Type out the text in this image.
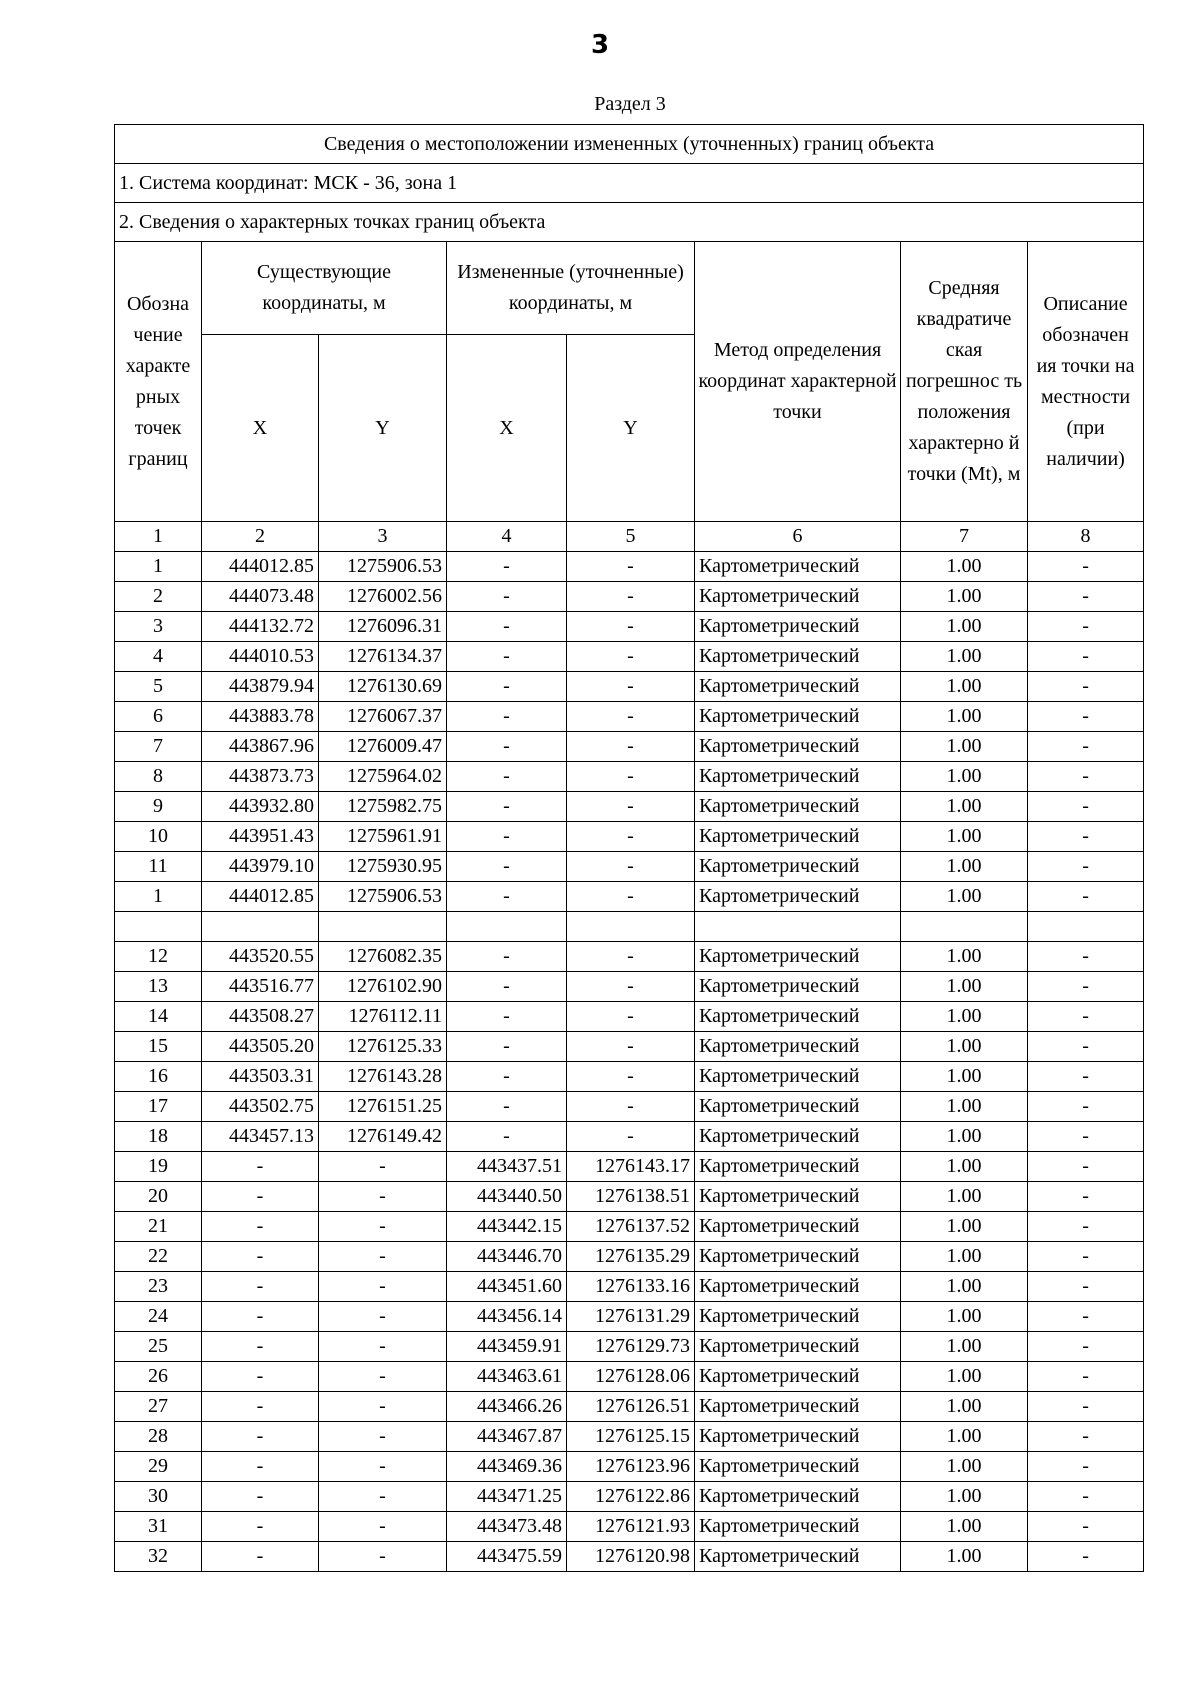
3
Раздел 3
Сведения о местоположении измененных (уточненных) границ объекта							
1. Система координат: МСК - 36, зона 1							
2. Сведения о характерных точках границ объекта							
Обозна чение характе рных точек границ	Существующие координаты, м		Измененные (уточненные) координаты, м		Метод определения координат характерной точки	Средняя квадратиче ская погрешнос ть положения характерно й точки (Mt), м	Описание обозначен ия точки на местности (при наличии)
	X	Y	X	Y			
1	2	3	4	5	6	7	8
1	444012.85	1275906.53	-	-	Картометрический	1.00	-
2	444073.48	1276002.56	-	-	Картометрический	1.00	-
3	444132.72	1276096.31	-	-	Картометрический	1.00	-
4	444010.53	1276134.37	-	-	Картометрический	1.00	-
5	443879.94	1276130.69	-	-	Картометрический	1.00	-
6	443883.78	1276067.37	-	-	Картометрический	1.00	-
7	443867.96	1276009.47	-	-	Картометрический	1.00	-
8	443873.73	1275964.02	-	-	Картометрический	1.00	-
9	443932.80	1275982.75	-	-	Картометрический	1.00	-
10	443951.43	1275961.91	-	-	Картометрический	1.00	-
11	443979.10	1275930.95	-	-	Картометрический	1.00	-
1	444012.85	1275906.53	-	-	Картометрический	1.00	-

12	443520.55	1276082.35	-	-	Картометрический	1.00	-
13	443516.77	1276102.90	-	-	Картометрический	1.00	-
14	443508.27	1276112.11	-	-	Картометрический	1.00	-
15	443505.20	1276125.33	-	-	Картометрический	1.00	-
16	443503.31	1276143.28	-	-	Картометрический	1.00	-
17	443502.75	1276151.25	-	-	Картометрический	1.00	-
18	443457.13	1276149.42	-	-	Картометрический	1.00	-
19	-	-	443437.51	1276143.17	Картометрический	1.00	-
20	-	-	443440.50	1276138.51	Картометрический	1.00	-
21	-	-	443442.15	1276137.52	Картометрический	1.00	-
22	-	-	443446.70	1276135.29	Картометрический	1.00	-
23	-	-	443451.60	1276133.16	Картометрический	1.00	-
24	-	-	443456.14	1276131.29	Картометрический	1.00	-
25	-	-	443459.91	1276129.73	Картометрический	1.00	-
26	-	-	443463.61	1276128.06	Картометрический	1.00	-
27	-	-	443466.26	1276126.51	Картометрический	1.00	-
28	-	-	443467.87	1276125.15	Картометрический	1.00	-
29	-	-	443469.36	1276123.96	Картометрический	1.00	-
30	-	-	443471.25	1276122.86	Картометрический	1.00	-
31	-	-	443473.48	1276121.93	Картометрический	1.00	-
32	-	-	443475.59	1276120.98	Картометрический	1.00	-
